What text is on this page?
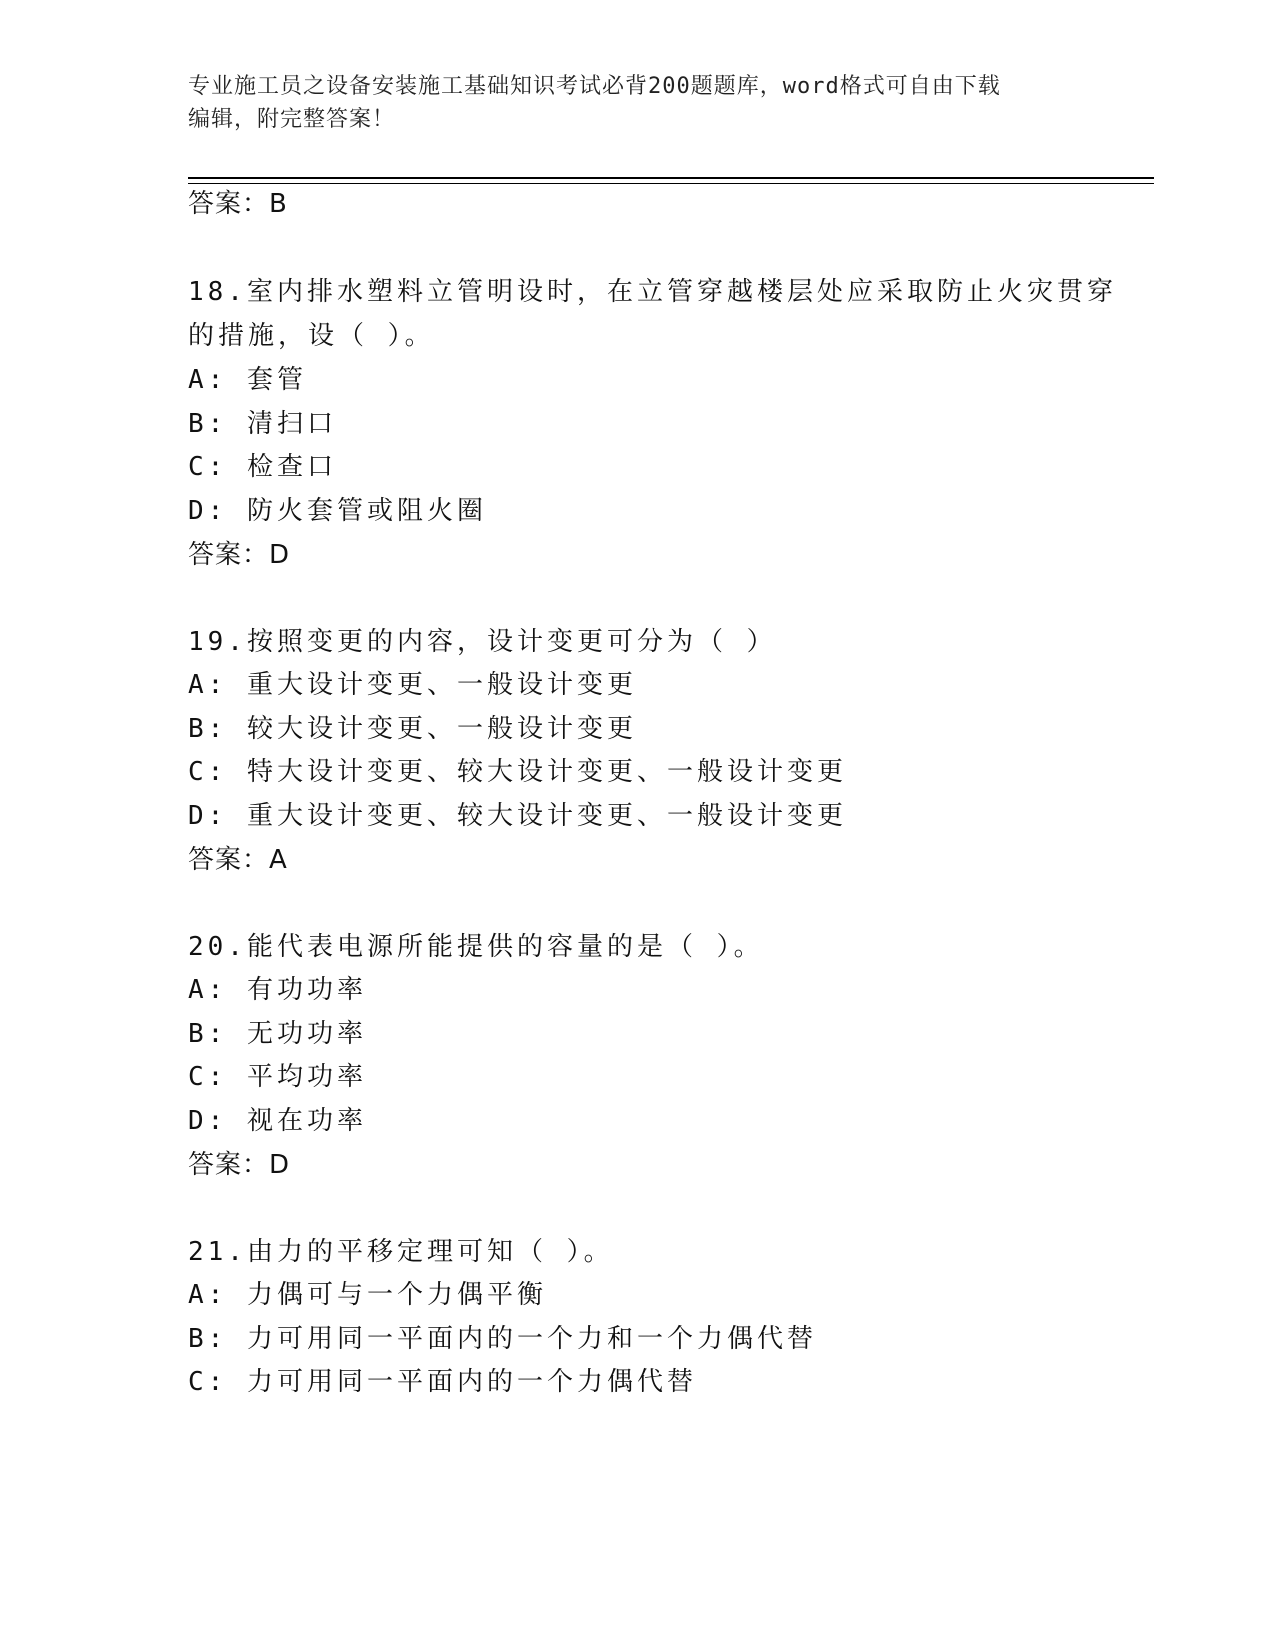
专业施工员之设备安装施工基础知识考试必背200题题库，word格式可自由下载
编辑，附完整答案！
答案：B
18.室内排水塑料立管明设时，在立管穿越楼层处应采取防止火灾贯穿
的措施，设（ ）。
A: 套管
B: 清扫口
C: 检查口
D: 防火套管或阻火圈
答案：D
19.按照变更的内容，设计变更可分为（ ）
A: 重大设计变更、一般设计变更
B: 较大设计变更、一般设计变更
C: 特大设计变更、较大设计变更、一般设计变更
D: 重大设计变更、较大设计变更、一般设计变更
答案：A
20.能代表电源所能提供的容量的是（ ）。
A: 有功功率
B: 无功功率
C: 平均功率
D: 视在功率
答案：D
21.由力的平移定理可知（ ）。
A: 力偶可与一个力偶平衡
B: 力可用同一平面内的一个力和一个力偶代替
C: 力可用同一平面内的一个力偶代替
